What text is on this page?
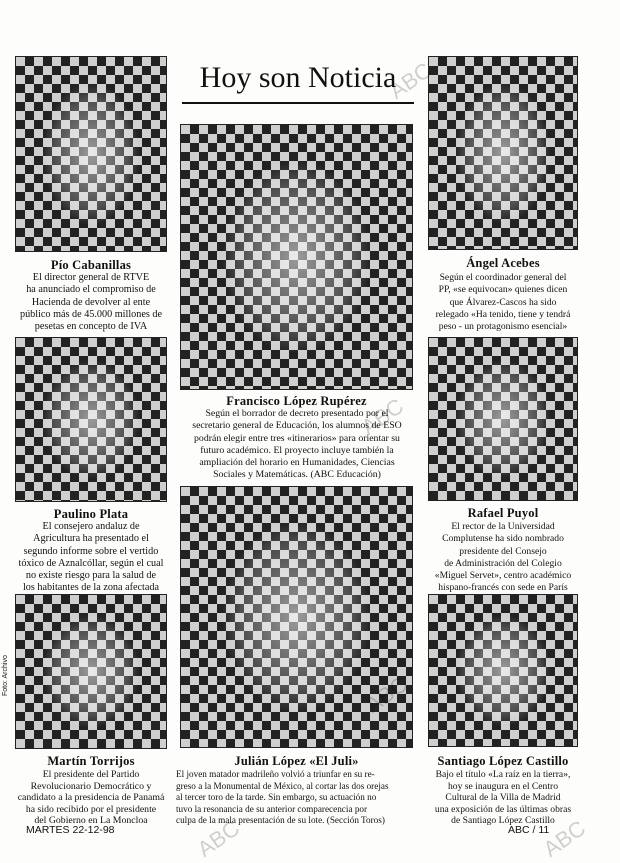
Hoy son Noticia
Pío Cabanillas
El director general de RTVE
ha anunciado el compromiso de
Hacienda de devolver al ente
público más de 45.000 millones de
pesetas en concepto de IVA
Francisco López Rupérez
Según el borrador de decreto presentado por el
secretario general de Educación, los alumnos de ESO
podrán elegir entre tres «itinerarios» para orientar su
futuro académico. El proyecto incluye también la
ampliación del horario en Humanidades, Ciencias
Sociales y Matemáticas. (ABC Educación)
Ángel Acebes
Según el coordinador general del
PP, «se equivocan» quienes dicen
que Álvarez-Cascos ha sido
relegado «Ha tenido, tiene y tendrá
peso - un protagonismo esencial»
Paulino Plata
El consejero andaluz de
Agricultura ha presentado el
segundo informe sobre el vertido
tóxico de Aznalcóllar, según el cual
no existe riesgo para la salud de
los habitantes de la zona afectada
Rafael Puyol
El rector de la Universidad
Complutense ha sido nombrado
presidente del Consejo
de Administración del Colegio
«Miguel Servet», centro académico
hispano-francés con sede en París
Martín Torrijos
El presidente del Partido
Revolucionario Democrático y
candidato a la presidencia de Panamá
ha sido recibido por el presidente
del Gobierno en La Moncloa
Julián López «El Juli»
El joven matador madrileño volvió a triunfar en su re-
greso a la Monumental de México, al cortar las dos orejas
al tercer toro de la tarde. Sin embargo, su actuación no
tuvo la resonancia de su anterior comparecencia por
culpa de la mala presentación de su lote. (Sección Toros)
Santiago López Castillo
Bajo el título «La raíz en la tierra»,
hoy se inaugura en el Centro
Cultural de la Villa de Madrid
una exposición de las últimas obras
de Santiago López Castillo
Foto: Archivo
MARTES 22-12-98	ABC / 11
ABC
ABC
ABC	ABC
